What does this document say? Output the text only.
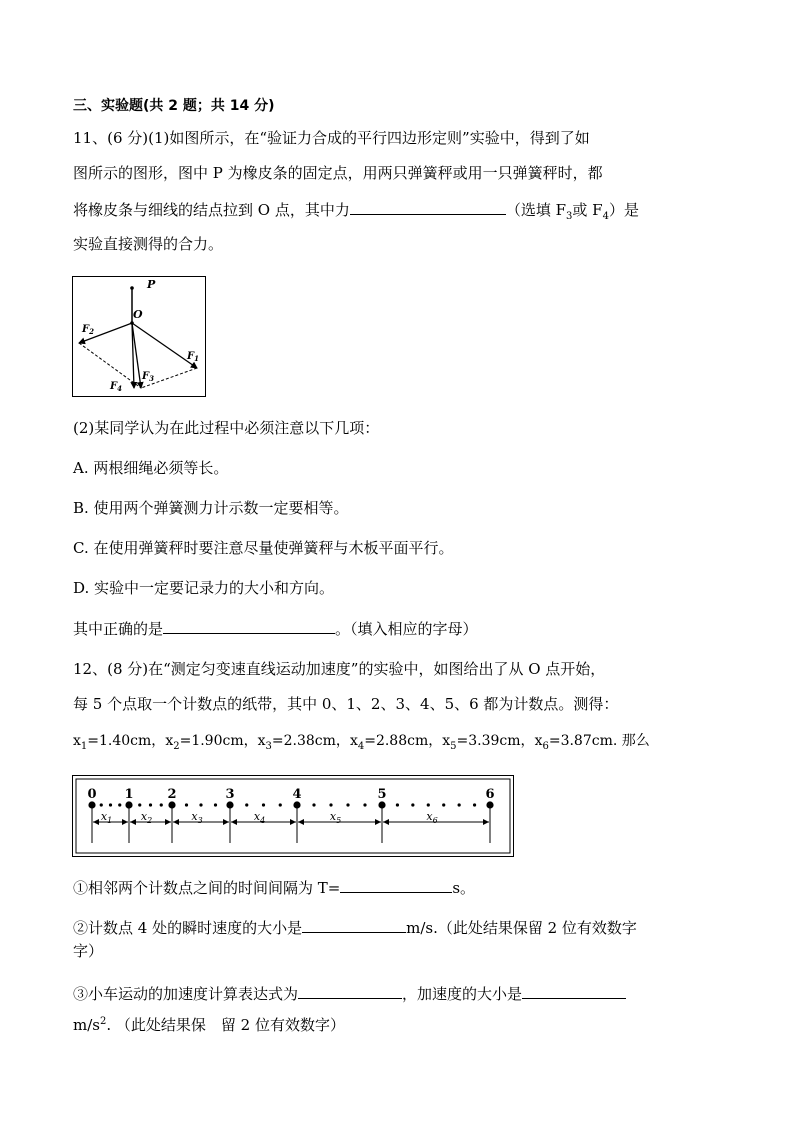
三、实验题(共 2 题；共 14 分)
11、(6 分)(1)如图所示，在“验证力合成的平行四边形定则”实验中，得到了如
图所示的图形，图中 P 为橡皮条的固定点，用两只弹簧秤或用一只弹簧秤时，都
将橡皮条与细线的结点拉到 O 点，其中力	（选填 $F_3$或 $F_4$）是
实验直接测得的合力。
P
O
$F_2$
$F_1$
$F_3$
$F_4$
(2)某同学认为在此过程中必须注意以下几项：
A. 两根细绳必须等长。
B. 使用两个弹簧测力计示数一定要相等。
C. 在使用弹簧秤时要注意尽量使弹簧秤与木板平面平行。
D. 实验中一定要记录力的大小和方向。
其中正确的是	。（填入相应的字母）
12、(8 分)在“测定匀变速直线运动加速度”的实验中，如图给出了从 O 点开始，
每 5 个点取一个计数点的纸带，其中 0、1、2、3、4、5、6 都为计数点。测得：
$x_1=1.40cm$，$x_2=1.90cm$，$x_3=2.38cm$，$x_4=2.88cm$，$x_5=3.39cm$，$x_6=3.87cm$. 那么
0 1	2	3	4	5	6
$x_1$	$x_2$	$x_3$	$x_4$	$x_5$	$x_6$
①相邻两个计数点之间的时间间隔为 T=	s。
②计数点 4 处的瞬时速度的大小是	m/s.（此处结果保留 2 位有效数字
字）
③小车运动的加速度计算表达式为	，加速度的大小是
$m/s^2$. （此处结果保　留 2 位有效数字）
